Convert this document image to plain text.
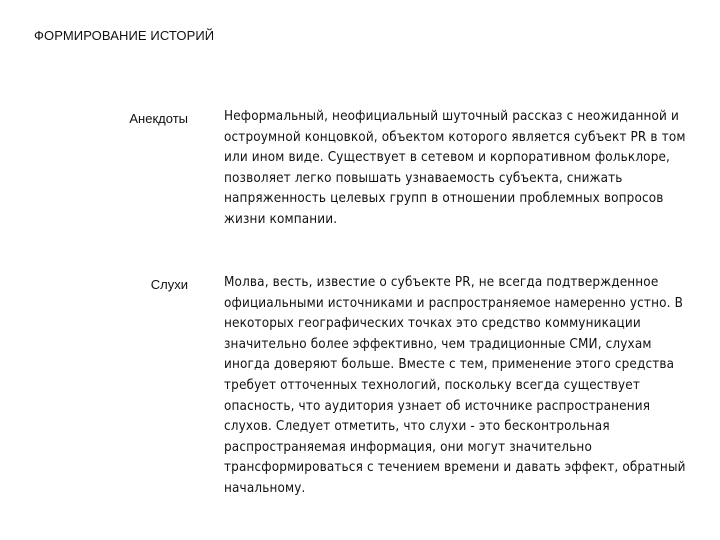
ФОРМИРОВАНИЕ ИСТОРИЙ
Анекдоты	Неформальный, неофициальный шуточный рассказ с неожиданной и остроумной концовкой, объектом которого является субъект PR в том или ином виде. Существует в сетевом и корпоративном фольклоре, позволяет легко повышать узнаваемость субъекта, снижать напряженность целевых групп в отношении проблемных вопросов жизни компании.
Слухи	Молва, весть, известие о субъекте PR, не всегда подтвержденное официальными источниками и распространяемое намеренно устно. В некоторых географических точках это средство коммуникации значительно более эффективно, чем традиционные СМИ, слухам иногда доверяют больше. Вместе с тем, применение этого средства требует отточенных технологий, поскольку всегда существует опасность, что аудитория узнает об источнике распространения слухов. Следует отметить, что слухи - это бесконтрольная распространяемая информация, они могут значительно трансформироваться с течением времени и давать эффект, обратный начальному.
